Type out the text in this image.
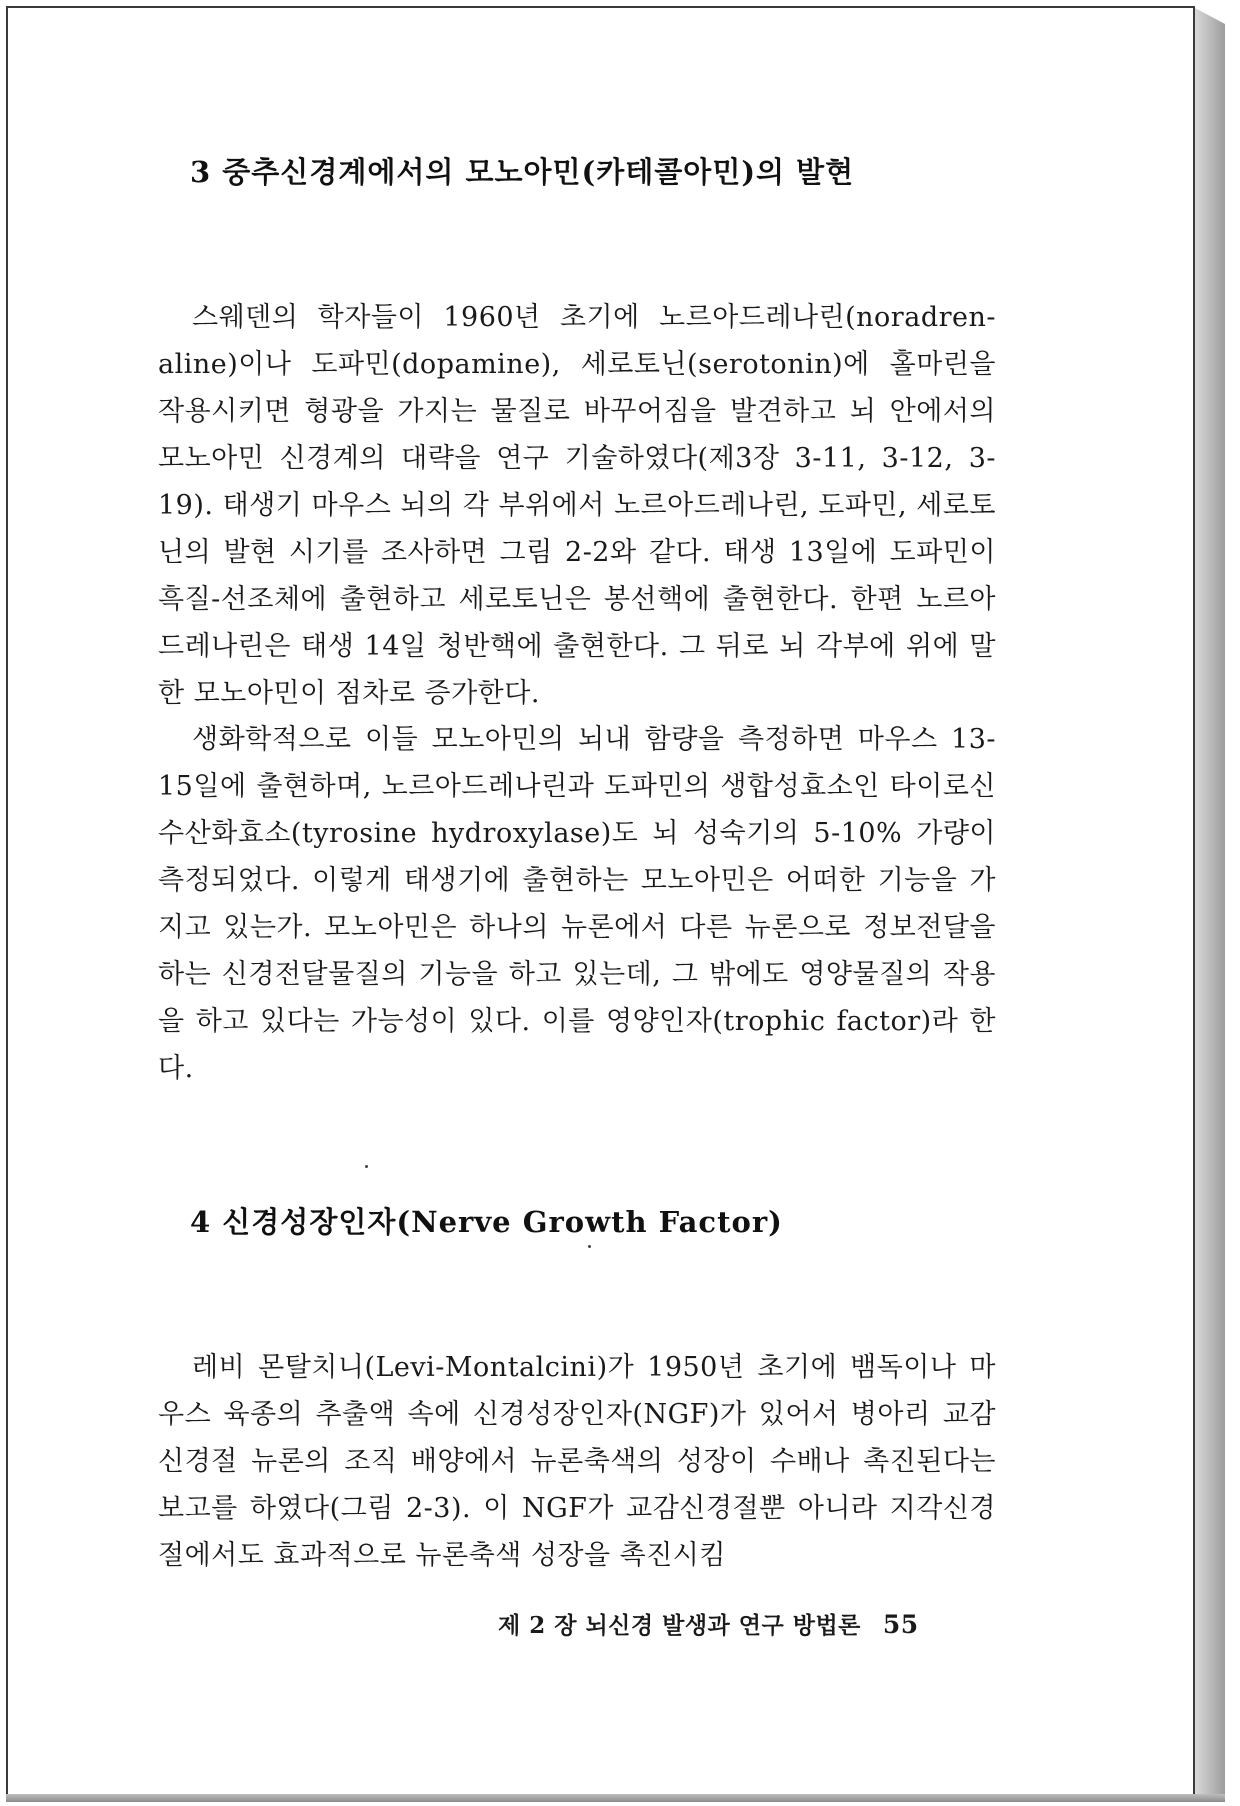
3 중추신경계에서의 모노아민(카테콜아민)의 발현
스웨덴의 학자들이 1960년 초기에 노르아드레나린(noradren-aline)이나 도파민(dopamine), 세로토닌(serotonin)에 홀마린을 작용시키면 형광을 가지는 물질로 바꾸어짐을 발견하고 뇌 안에서의 모노아민 신경계의 대략을 연구 기술하였다(제3장 3-11, 3-12, 3-19). 태생기 마우스 뇌의 각 부위에서 노르아드레나린, 도파민, 세로토닌의 발현 시기를 조사하면 그림 2-2와 같다. 태생 13일에 도파민이 흑질-선조체에 출현하고 세로토닌은 봉선핵에 출현한다. 한편 노르아드레나린은 태생 14일 청반핵에 출현한다. 그 뒤로 뇌 각부에 위에 말한 모노아민이 점차로 증가한다.
생화학적으로 이들 모노아민의 뇌내 함량을 측정하면 마우스 13-15일에 출현하며, 노르아드레나린과 도파민의 생합성효소인 타이로신 수산화효소(tyrosine hydroxylase)도 뇌 성숙기의 5-10% 가량이 측정되었다. 이렇게 태생기에 출현하는 모노아민은 어떠한 기능을 가지고 있는가. 모노아민은 하나의 뉴론에서 다른 뉴론으로 정보전달을 하는 신경전달물질의 기능을 하고 있는데, 그 밖에도 영양물질의 작용을 하고 있다는 가능성이 있다. 이를 영양인자(trophic factor)라 한다.
4 신경성장인자(Nerve Growth Factor)
레비 몬탈치니(Levi-Montalcini)가 1950년 초기에 뱀독이나 마우스 육종의 추출액 속에 신경성장인자(NGF)가 있어서 병아리 교감신경절 뉴론의 조직 배양에서 뉴론축색의 성장이 수배나 촉진된다는 보고를 하였다(그림 2-3). 이 NGF가 교감신경절뿐 아니라 지각신경절에서도 효과적으로 뉴론축색 성장을 촉진시킴
제 2 장 뇌신경 발생과 연구 방법론 55
